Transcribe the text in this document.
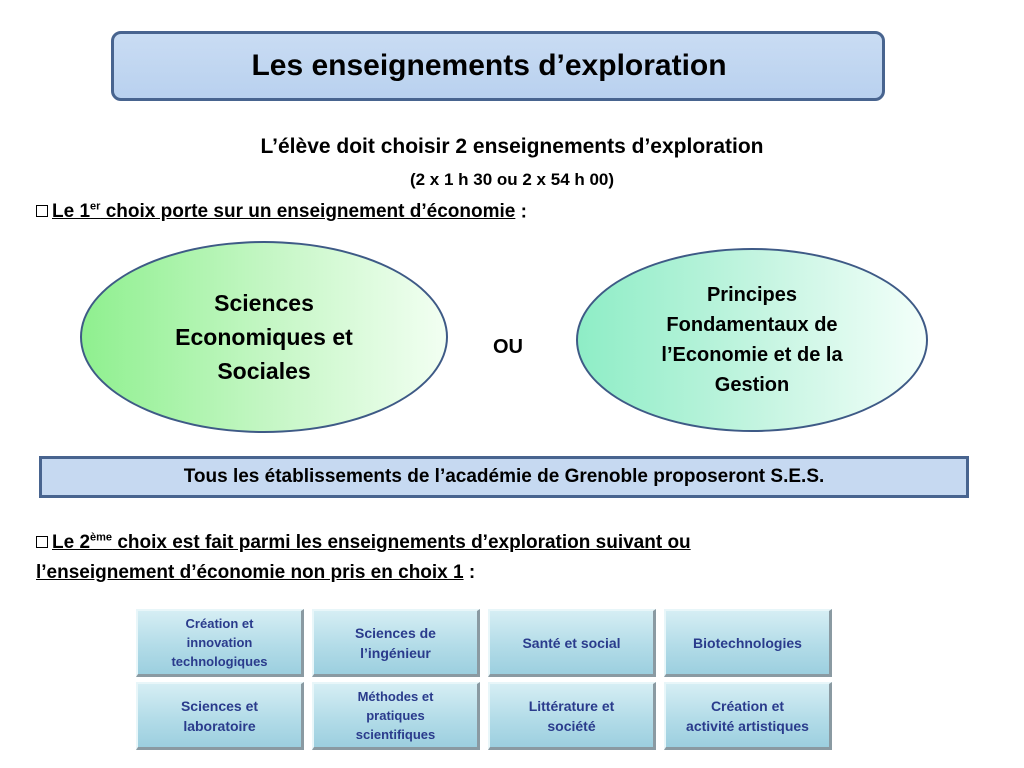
Les enseignements d’exploration
L’élève doit choisir 2 enseignements d’exploration
(2 x 1 h 30 ou 2 x 54 h 00)
Le 1er choix porte sur un enseignement d’économie :
Sciences
Economiques et
Sociales
OU
Principes
Fondamentaux de
l’Economie et de la
Gestion
Tous les établissements de l’académie de Grenoble proposeront S.E.S.
Le 2ème choix est fait parmi les enseignements d’exploration suivant ou
l’enseignement d’économie non pris en choix 1 :
Création et
innovation
technologiques
Sciences de
l’ingénieur
Santé et social	Biotechnologies
Sciences et
laboratoire
Méthodes et
pratiques
scientifiques
Littérature et
société
Création et
activité artistiques
